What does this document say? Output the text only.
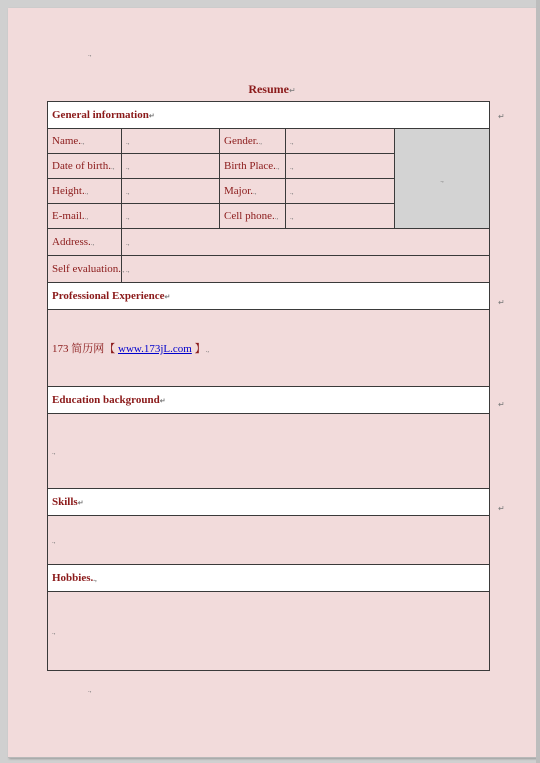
.,
Resume↵
General information↵				
Name..,	.,	Gender..,	.,	.,
Date of birth..,	.,	Birth Place..,	.,	
Height..,	.,	Major..,	.,	
E-mail..,	.,	Cell phone..,	.,	
Address..,	.,			
Self evaluation..,	.,			
Professional Experience↵				
173 简历网【 www.173jL.com 】.,				
Education background↵				
.,				
Skills↵				
.,				
Hobbies..,				
.,				
↵
↵
↵
↵
.,
